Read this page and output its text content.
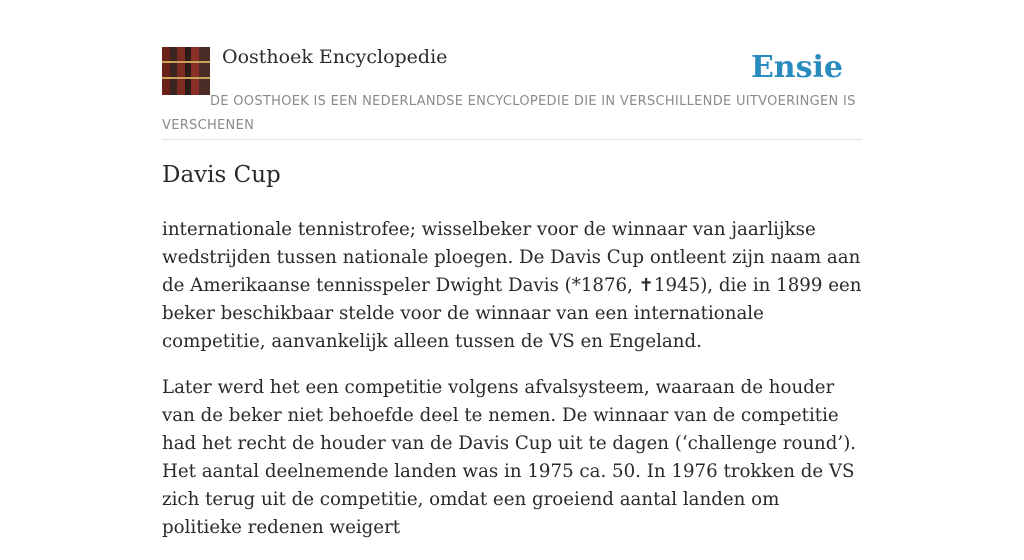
Oosthoek Encyclopedie	Ensie
DE OOSTHOEK IS EEN NEDERLANDSE ENCYCLOPEDIE DIE IN VERSCHILLENDE UITVOERINGEN IS VERSCHENEN
Davis Cup

internationale tennistrofee; wisselbeker voor de winnaar van jaarlijkse wedstrijden tussen nationale ploegen. De Davis Cup ontleent zijn naam aan de Amerikaanse tennisspeler Dwight Davis (*1876, ✝1945), die in 1899 een beker beschikbaar stelde voor de winnaar van een internationale competitie, aanvankelijk alleen tussen de VS en Engeland.

Later werd het een competitie volgens afvalsysteem, waaraan de houder van de beker niet behoefde deel te nemen. De winnaar van de competitie had het recht de houder van de Davis Cup uit te dagen (‘challenge round’). Het aantal deelnemende landen was in 1975 ca. 50. In 1976 trokken de VS zich terug uit de competitie, omdat een groeiend aantal landen om politieke redenen weigert
